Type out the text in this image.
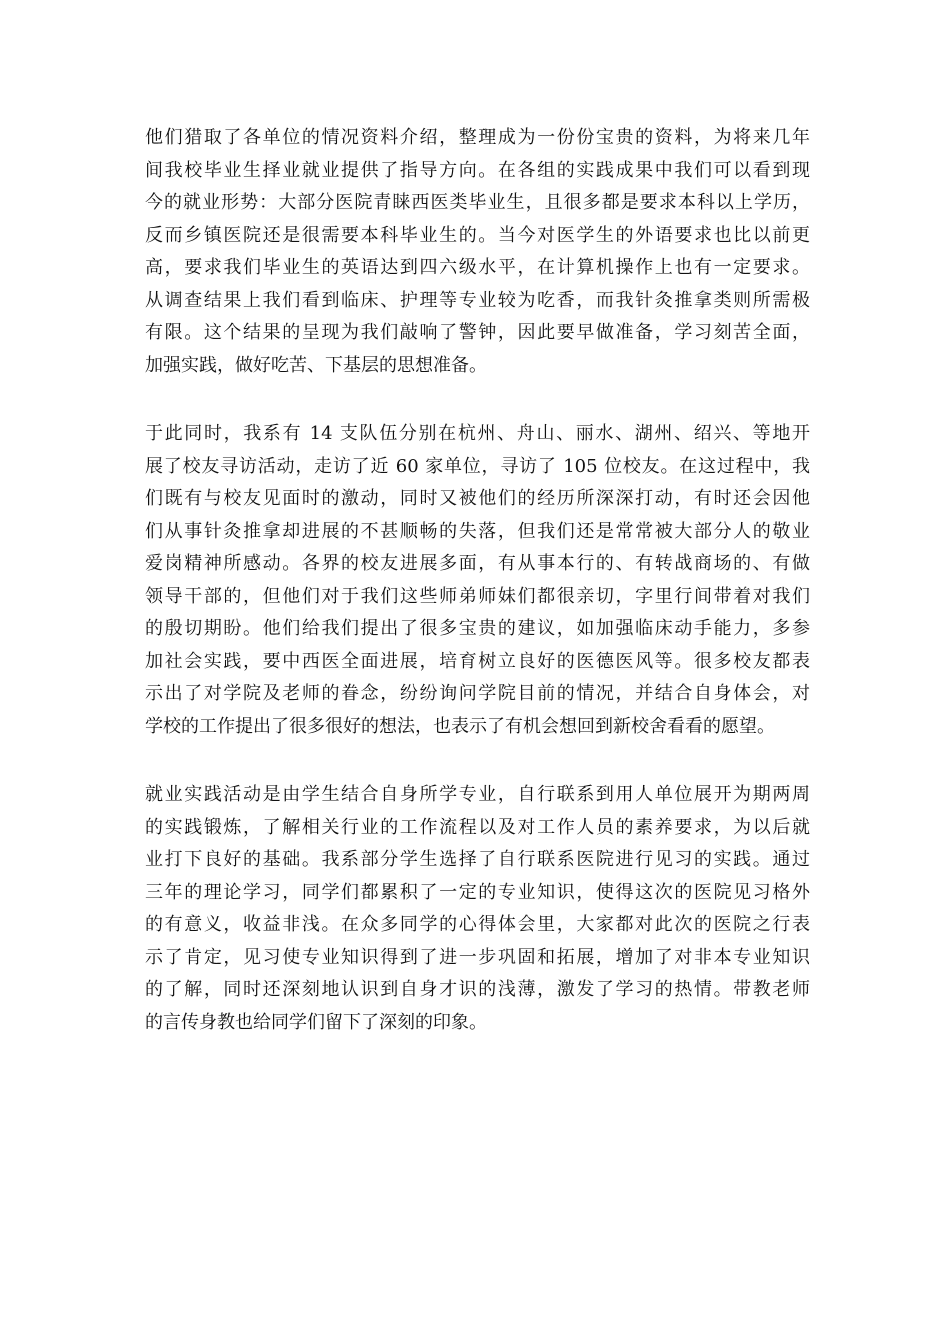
他们猎取了各单位的情况资料介绍，整理成为一份份宝贵的资料，为将来几年
间我校毕业生择业就业提供了指导方向。在各组的实践成果中我们可以看到现
今的就业形势：大部分医院青睐西医类毕业生，且很多都是要求本科以上学历，
反而乡镇医院还是很需要本科毕业生的。当今对医学生的外语要求也比以前更
高，要求我们毕业生的英语达到四六级水平，在计算机操作上也有一定要求。
从调查结果上我们看到临床、护理等专业较为吃香，而我针灸推拿类则所需极
有限。这个结果的呈现为我们敲响了警钟，因此要早做准备，学习刻苦全面，
加强实践，做好吃苦、下基层的思想准备。
于此同时，我系有 14 支队伍分别在杭州、舟山、丽水、湖州、绍兴、等地开
展了校友寻访活动，走访了近 60 家单位，寻访了 105 位校友。在这过程中，我
们既有与校友见面时的激动，同时又被他们的经历所深深打动，有时还会因他
们从事针灸推拿却进展的不甚顺畅的失落，但我们还是常常被大部分人的敬业
爱岗精神所感动。各界的校友进展多面，有从事本行的、有转战商场的、有做
领导干部的，但他们对于我们这些师弟师妹们都很亲切，字里行间带着对我们
的殷切期盼。他们给我们提出了很多宝贵的建议，如加强临床动手能力，多参
加社会实践，要中西医全面进展，培育树立良好的医德医风等。很多校友都表
示出了对学院及老师的眷念，纷纷询问学院目前的情况，并结合自身体会，对
学校的工作提出了很多很好的想法，也表示了有机会想回到新校舍看看的愿望。
就业实践活动是由学生结合自身所学专业，自行联系到用人单位展开为期两周
的实践锻炼，了解相关行业的工作流程以及对工作人员的素养要求，为以后就
业打下良好的基础。我系部分学生选择了自行联系医院进行见习的实践。通过
三年的理论学习，同学们都累积了一定的专业知识，使得这次的医院见习格外
的有意义，收益非浅。在众多同学的心得体会里，大家都对此次的医院之行表
示了肯定，见习使专业知识得到了进一步巩固和拓展，增加了对非本专业知识
的了解，同时还深刻地认识到自身才识的浅薄，激发了学习的热情。带教老师
的言传身教也给同学们留下了深刻的印象。
